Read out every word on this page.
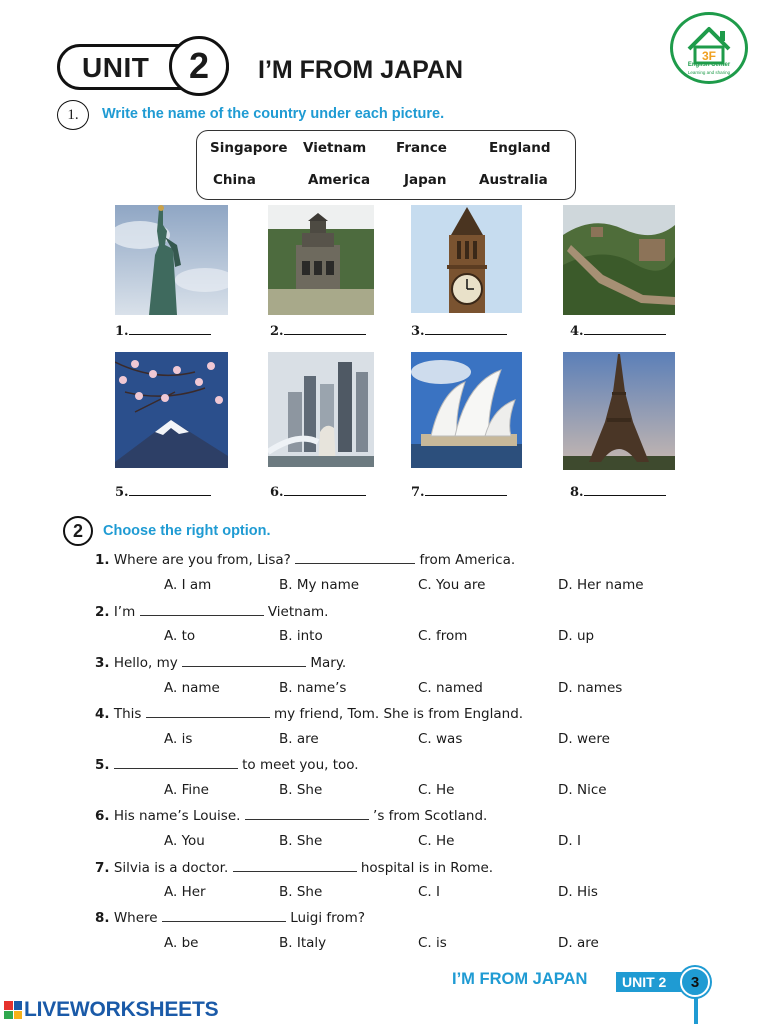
UNIT	2	I’M FROM JAPAN	3F
English Center
Learning and sharing
1.	Write the name of the country under each picture.
Singapore Vietnam France	England
China	America	Japan Australia
1.	2.	3.	4.
5.	6.	7.	8.
2	Choose the right option.
1. Where are you from, Lisa?	from America.
A. I am	B. My name	C. You are	D. Her name
2. I’m	Vietnam.
A. to	B. into	C. from	D. up
3. Hello, my	Mary.
A. name	B. name’s	C. named	D. names
4. This	my friend, Tom. She is from England.
A. is	B. are	C. was	D. were
5.	to meet you, too.
A. Fine	B. She	C. He	D. Nice
6. His name’s Louise.	’s from Scotland.
A. You	B. She	C. He	D. I
7. Silvia is a doctor.	hospital is in Rome.
A. Her	B. She	C. I	D. His
8. Where	Luigi from?
A. be	B. Italy	C. is	D. are
I’M FROM JAPAN	UNIT 2	3
LIVEWORKSHEETS
